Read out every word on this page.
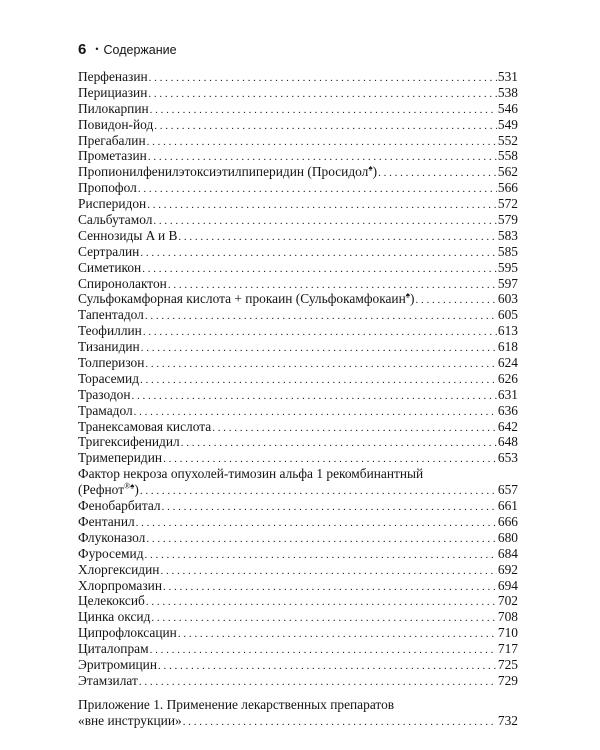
6 • Содержание
Перфеназин . . .	531
Перициазин . . .	538
Пилокарпин . . .	546
Повидон-йод . . .	549
Прегабалин . . .	552
Прометазин . . .	558
Пропионилфенилэтоксиэтилпиперидин (Просидол♠) . . .	562
Пропофол . . .	566
Рисперидон . . .	572
Сальбутамол . . .	579
Сеннозиды A и B . . .	583
Сертралин . . .	585
Симетикон . . .	595
Спиронолактон . . .	597
Сульфокамфорная кислота + прокаин (Сульфокамфокаин♠) . . .	603
Тапентадол . . .	605
Теофиллин . . .	613
Тизанидин . . .	618
Толперизон . . .	624
Торасемид . . .	626
Тразодон . . .	631
Трамадол . . .	636
Транексамовая кислота . . .	642
Тригексифенидил . . .	648
Тримеперидин . . .	653
Фактор некроза опухолей-тимозин альфа 1 рекомбинантный
(Рефнот®♠) . . .	657
Фенобарбитал . . .	661
Фентанил . . .	666
Флуконазол . . .	680
Фуросемид . . .	684
Хлоргексидин . . .	692
Хлорпромазин . . .	694
Целекоксиб . . .	702
Цинка оксид . . .	708
Ципрофлоксацин . . .	710
Циталопрам . . .	717
Эритромицин . . .	725
Этамзилат . . .	729
Приложение 1. Применение лекарственных препаратов
«вне инструкции» . . .	732
